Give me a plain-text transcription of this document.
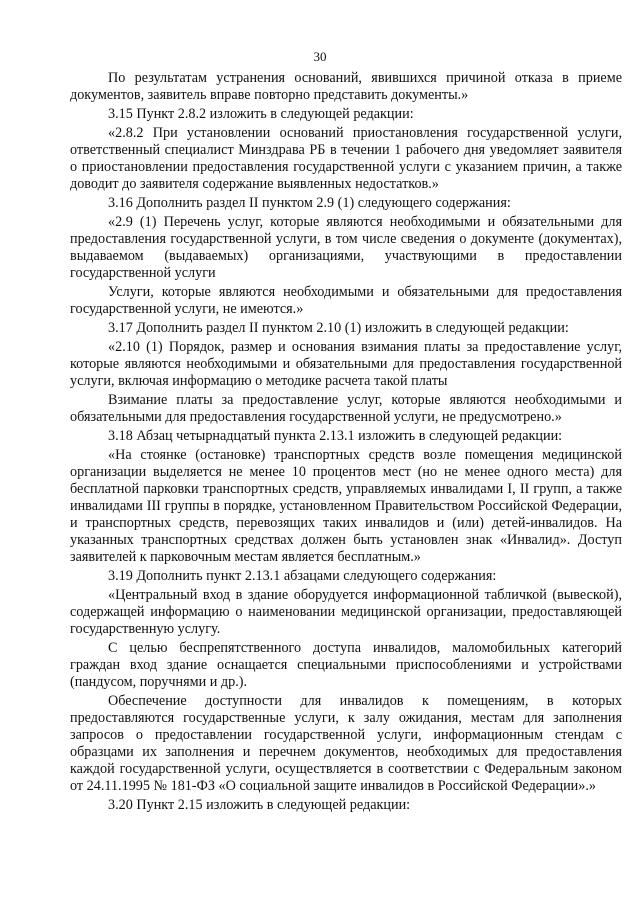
30

По результатам устранения оснований, явившихся причиной отказа в приеме документов, заявитель вправе повторно представить документы.»

3.15 Пункт 2.8.2 изложить в следующей редакции:

«2.8.2 При установлении оснований приостановления государственной услуги, ответственный специалист Минздрава РБ в течении 1 рабочего дня уведомляет заявителя о приостановлении предоставления государственной услуги с указанием причин, а также доводит до заявителя содержание выявленных недостатков.»

3.16 Дополнить раздел II пунктом 2.9 (1) следующего содержания:

«2.9 (1) Перечень услуг, которые являются необходимыми и обязательными для предоставления государственной услуги, в том числе сведения о документе (документах), выдаваемом (выдаваемых) организациями, участвующими в предоставлении государственной услуги

Услуги, которые являются необходимыми и обязательными для предоставления государственной услуги, не имеются.»

3.17 Дополнить раздел II пунктом 2.10 (1) изложить в следующей редакции:

«2.10 (1) Порядок, размер и основания взимания платы за предоставление услуг, которые являются необходимыми и обязательными для предоставления государственной услуги, включая информацию о методике расчета такой платы

Взимание платы за предоставление услуг, которые являются необходимыми и обязательными для предоставления государственной услуги, не предусмотрено.»

3.18 Абзац четырнадцатый пункта 2.13.1 изложить в следующей редакции:

«На стоянке (остановке) транспортных средств возле помещения медицинской организации выделяется не менее 10 процентов мест (но не менее одного места) для бесплатной парковки транспортных средств, управляемых инвалидами I, II групп, а также инвалидами III группы в порядке, установленном Правительством Российской Федерации, и транспортных средств, перевозящих таких инвалидов и (или) детей-инвалидов. На указанных транспортных средствах должен быть установлен знак «Инвалид». Доступ заявителей к парковочным местам является бесплатным.»

3.19 Дополнить пункт 2.13.1 абзацами следующего содержания:

«Центральный вход в здание оборудуется информационной табличкой (вывеской), содержащей информацию о наименовании медицинской организации, предоставляющей государственную услугу.

С целью беспрепятственного доступа инвалидов, маломобильных категорий граждан вход здание оснащается специальными приспособлениями и устройствами (пандусом, поручнями и др.).

Обеспечение доступности для инвалидов к помещениям, в которых предоставляются государственные услуги, к залу ожидания, местам для заполнения запросов о предоставлении государственной услуги, информационным стендам с образцами их заполнения и перечнем документов, необходимых для предоставления каждой государственной услуги, осуществляется в соответствии с Федеральным законом от 24.11.1995 № 181-ФЗ «О социальной защите инвалидов в Российской Федерации».»

3.20 Пункт 2.15 изложить в следующей редакции:
